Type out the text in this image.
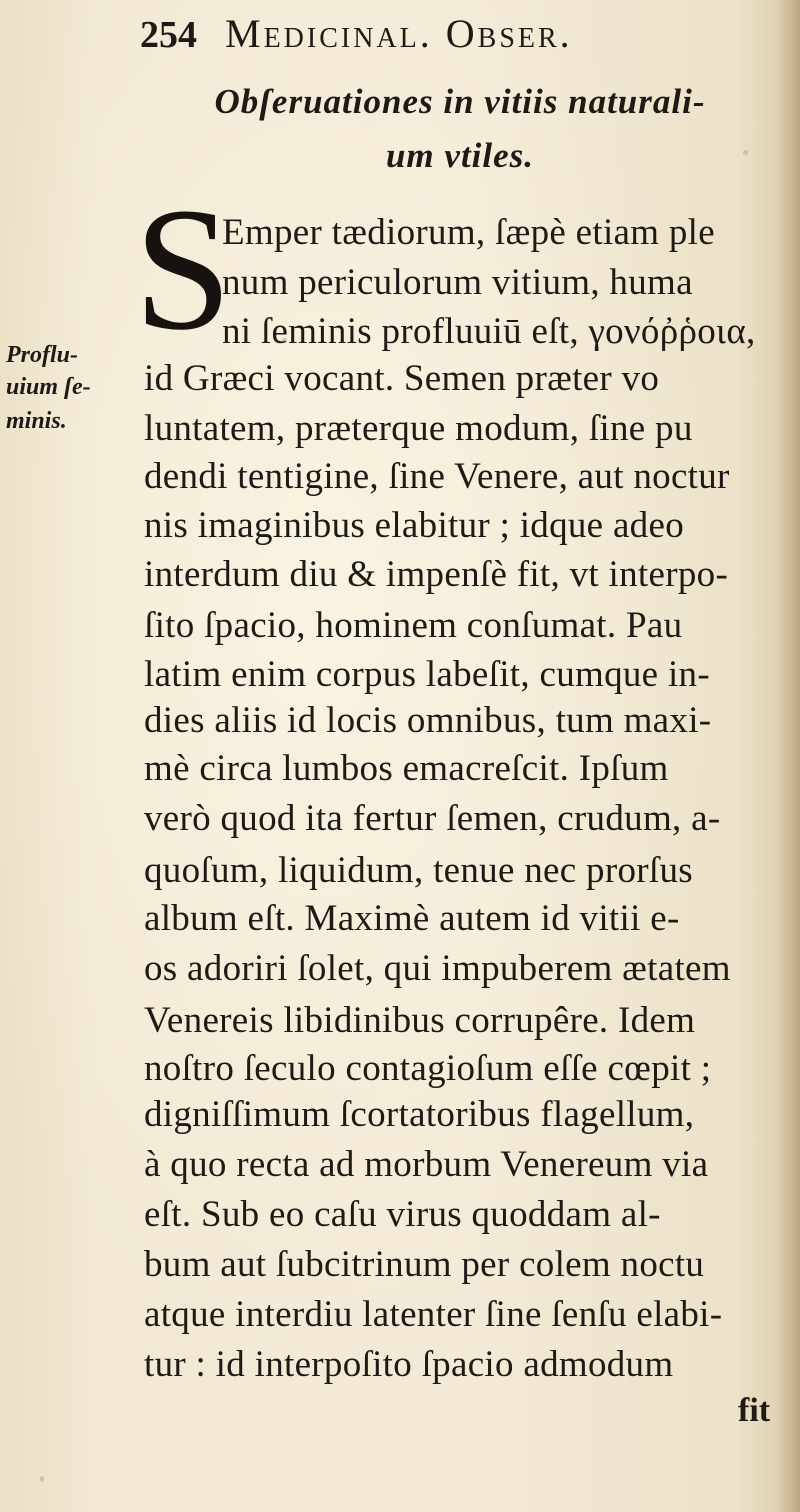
254 Medicinal. Obser.
Obſeruationes in vitiis naturali-
um vtiles.
S
Emper tædiorum, ſæpè etiam ple
num periculorum vitium, huma
ni ſeminis profluuiū eſt, γονόῤῥοια,
id Græci vocant. Semen præter vo
luntatem, præterque modum, ſine pu
dendi tentigine, ſine Venere, aut noctur
nis imaginibus elabitur ; idque adeo
interdum diu & impenſè fit, vt interpo-
ſito ſpacio, hominem conſumat. Pau
latim enim corpus labeſit, cumque in-
dies aliis id locis omnibus, tum maxi-
mè circa lumbos emacreſcit. Ipſum
verò quod ita fertur ſemen, crudum, a-
quoſum, liquidum, tenue nec prorſus
album eſt. Maximè autem id vitii e-
os adoriri ſolet, qui impuberem ætatem
Venereis libidinibus corrupêre. Idem
noſtro ſeculo contagioſum eſſe cœpit ;
digniſſimum ſcortatoribus flagellum,
à quo recta ad morbum Venereum via
eſt. Sub eo caſu virus quoddam al-
bum aut ſubcitrinum per colem noctu
atque interdiu latenter ſine ſenſu elabi-
tur : id interpoſito ſpacio admodum
fit
Proflu-
uium ſe-
minis.
